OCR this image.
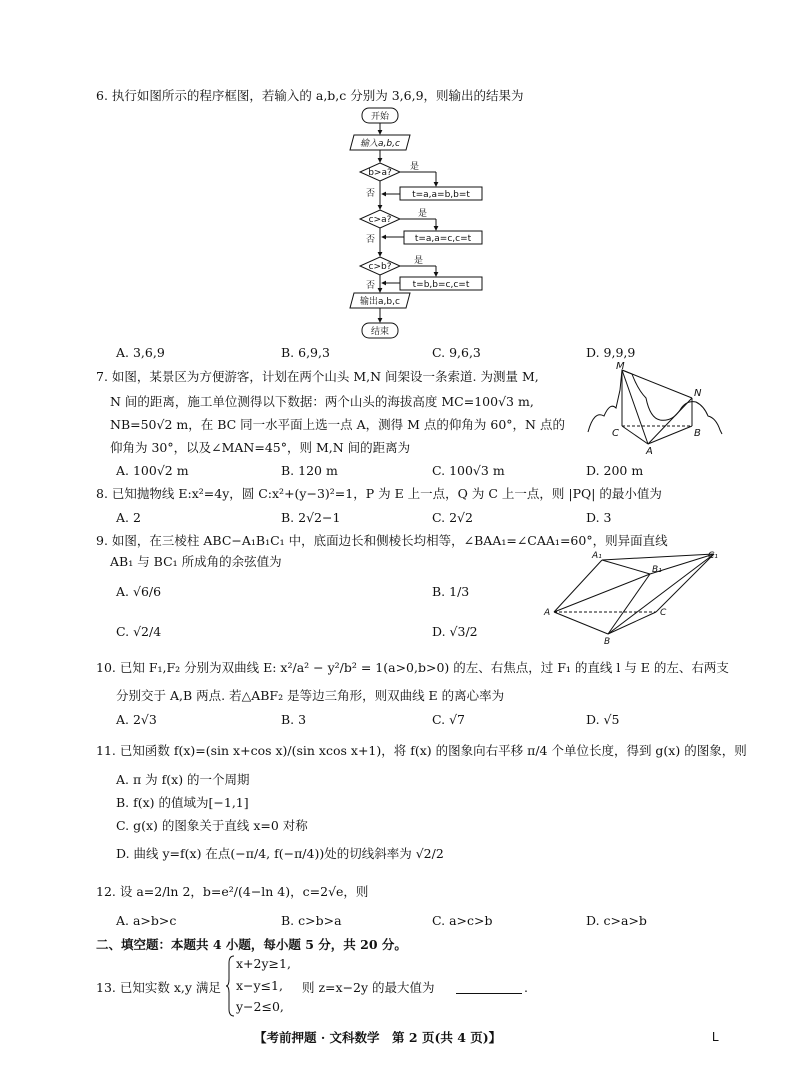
6. 执行如图所示的程序框图，若输入的 a,b,c 分别为 3,6,9，则输出的结果为
开始
输入a,b,c
b>a?
是
否	t=a,a=b,b=t
c>a?
是
否	t=a,a=c,c=t
c>b?
是
否	t=b,b=c,c=t
输出a,b,c
结束
A. 3,6,9	B. 6,9,3	C. 9,6,3	D. 9,9,9
7. 如图，某景区为方便游客，计划在两个山头 M,N 间架设一条索道. 为测量 M,
N 间的距离，施工单位测得以下数据：两个山头的海拔高度 MC=100√3 m,
NB=50√2 m，在 BC 同一水平面上选一点 A，测得 M 点的仰角为 60°，N 点的
仰角为 30°，以及∠MAN=45°，则 M,N 间的距离为
M
N
C	B
A
A. 100√2 m	B. 120 m	C. 100√3 m	D. 200 m
8. 已知抛物线 E:x²=4y，圆 C:x²+(y−3)²=1，P 为 E 上一点，Q 为 C 上一点，则 |PQ| 的最小值为
A. 2	B. 2√2−1	C. 2√2	D. 3
9. 如图，在三棱柱 ABC−A₁B₁C₁ 中，底面边长和侧棱长均相等，∠BAA₁=∠CAA₁=60°，则异面直线
AB₁ 与 BC₁ 所成角的余弦值为	A₁
B₁
C₁
A	C
B
A. √6/6	B. 1/3
C. √2/4	D. √3/2
10. 已知 F₁,F₂ 分别为双曲线 E: x²/a² − y²/b² = 1(a>0,b>0) 的左、右焦点，过 F₁ 的直线 l 与 E 的左、右两支
分别交于 A,B 两点. 若△ABF₂ 是等边三角形，则双曲线 E 的离心率为
A. 2√3	B. 3	C. √7	D. √5
11. 已知函数 f(x)=(sin x+cos x)/(sin xcos x+1)，将 f(x) 的图象向右平移 π/4 个单位长度，得到 g(x) 的图象，则
A. π 为 f(x) 的一个周期
B. f(x) 的值域为[−1,1]
C. g(x) 的图象关于直线 x=0 对称
D. 曲线 y=f(x) 在点(−π/4, f(−π/4))处的切线斜率为 √2/2
12. 设 a=2/ln 2，b=e²/(4−ln 4)，c=2√e，则
A. a>b>c	B. c>b>a	C. a>c>b	D. c>a>b
二、填空题：本题共 4 小题，每小题 5 分，共 20 分。
13. 已知实数 x,y 满足
x+2y≥1,
x−y≤1,
y−2≤0,
则 z=x−2y 的最大值为	.
【考前押题 · 文科数学　第 2 页(共 4 页)】	L
